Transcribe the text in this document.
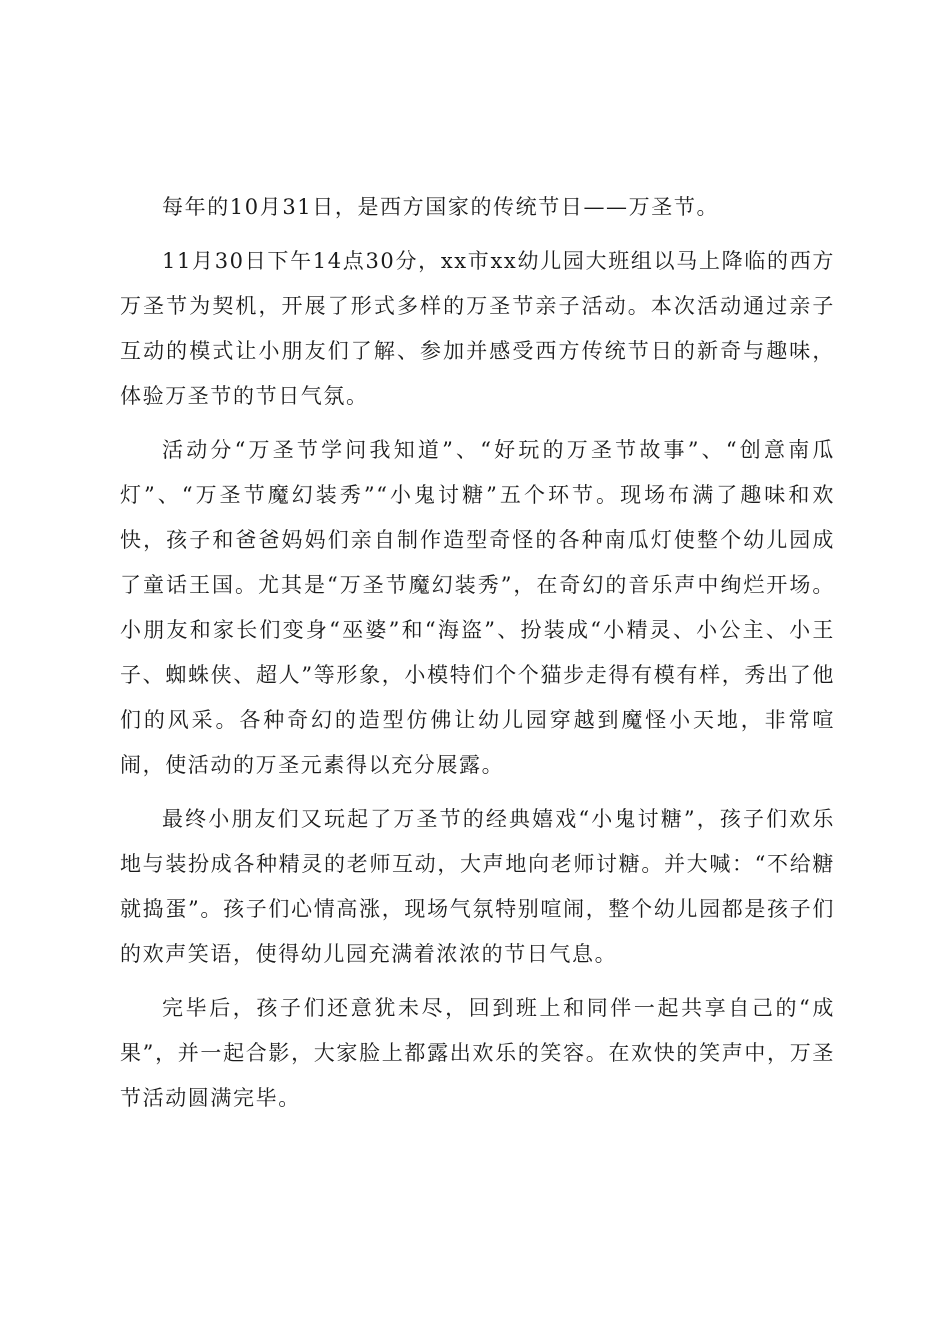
每年的10月31日，是西方国家的传统节日——万圣节。

11月30日下午14点30分，xx市xx幼儿园大班组以马上降临的西方万圣节为契机，开展了形式多样的万圣节亲子活动。本次活动通过亲子互动的模式让小朋友们了解、参加并感受西方传统节日的新奇与趣味，体验万圣节的节日气氛。

活动分“万圣节学问我知道”、“好玩的万圣节故事”、“创意南瓜灯”、“万圣节魔幻装秀”“小鬼讨糖”五个环节。现场布满了趣味和欢快，孩子和爸爸妈妈们亲自制作造型奇怪的各种南瓜灯使整个幼儿园成了童话王国。尤其是“万圣节魔幻装秀”，在奇幻的音乐声中绚烂开场。小朋友和家长们变身“巫婆”和“海盗”、扮装成“小精灵、小公主、小王子、蜘蛛侠、超人”等形象，小模特们个个猫步走得有模有样，秀出了他们的风采。各种奇幻的造型仿佛让幼儿园穿越到魔怪小天地，非常喧闹，使活动的万圣元素得以充分展露。

最终小朋友们又玩起了万圣节的经典嬉戏“小鬼讨糖”，孩子们欢乐地与装扮成各种精灵的老师互动，大声地向老师讨糖。并大喊：“不给糖就捣蛋”。孩子们心情高涨，现场气氛特别喧闹，整个幼儿园都是孩子们的欢声笑语，使得幼儿园充满着浓浓的节日气息。

完毕后，孩子们还意犹未尽，回到班上和同伴一起共享自己的“成果”，并一起合影，大家脸上都露出欢乐的笑容。在欢快的笑声中，万圣节活动圆满完毕。
